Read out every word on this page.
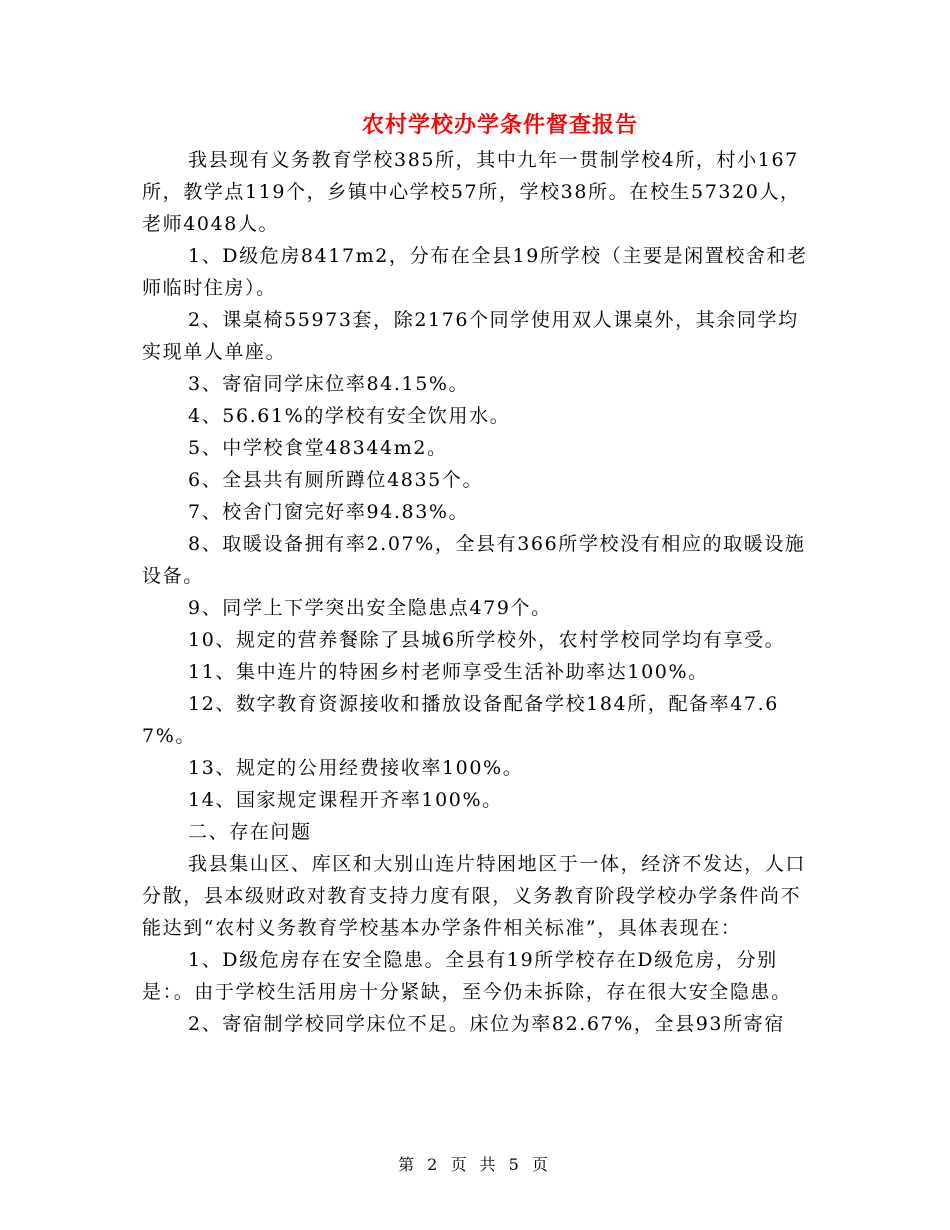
农村学校办学条件督查报告

我县现有义务教育学校385所，其中九年一贯制学校4所，村小167所，教学点119个，乡镇中心学校57所，学校38所。在校生57320人，老师4048人。

1、D级危房8417m2，分布在全县19所学校（主要是闲置校舍和老师临时住房）。

2、课桌椅55973套，除2176个同学使用双人课桌外，其余同学均实现单人单座。

3、寄宿同学床位率84.15%。

4、56.61%的学校有安全饮用水。

5、中学校食堂48344m2。

6、全县共有厕所蹲位4835个。

7、校舍门窗完好率94.83%。

8、取暖设备拥有率2.07%，全县有366所学校没有相应的取暖设施设备。

9、同学上下学突出安全隐患点479个。

10、规定的营养餐除了县城6所学校外，农村学校同学均有享受。

11、集中连片的特困乡村老师享受生活补助率达100%。

12、数字教育资源接收和播放设备配备学校184所，配备率47.67%。

13、规定的公用经费接收率100%。

14、国家规定课程开齐率100%。

二、存在问题

我县集山区、库区和大别山连片特困地区于一体，经济不发达，人口分散，县本级财政对教育支持力度有限，义务教育阶段学校办学条件尚不能达到“农村义务教育学校基本办学条件相关标准”，具体表现在：

1、D级危房存在安全隐患。全县有19所学校存在D级危房，分别是：。由于学校生活用房十分紧缺，至今仍未拆除，存在很大安全隐患。

2、寄宿制学校同学床位不足。床位为率82.67%，全县93所寄宿

第 2 页 共 5 页
